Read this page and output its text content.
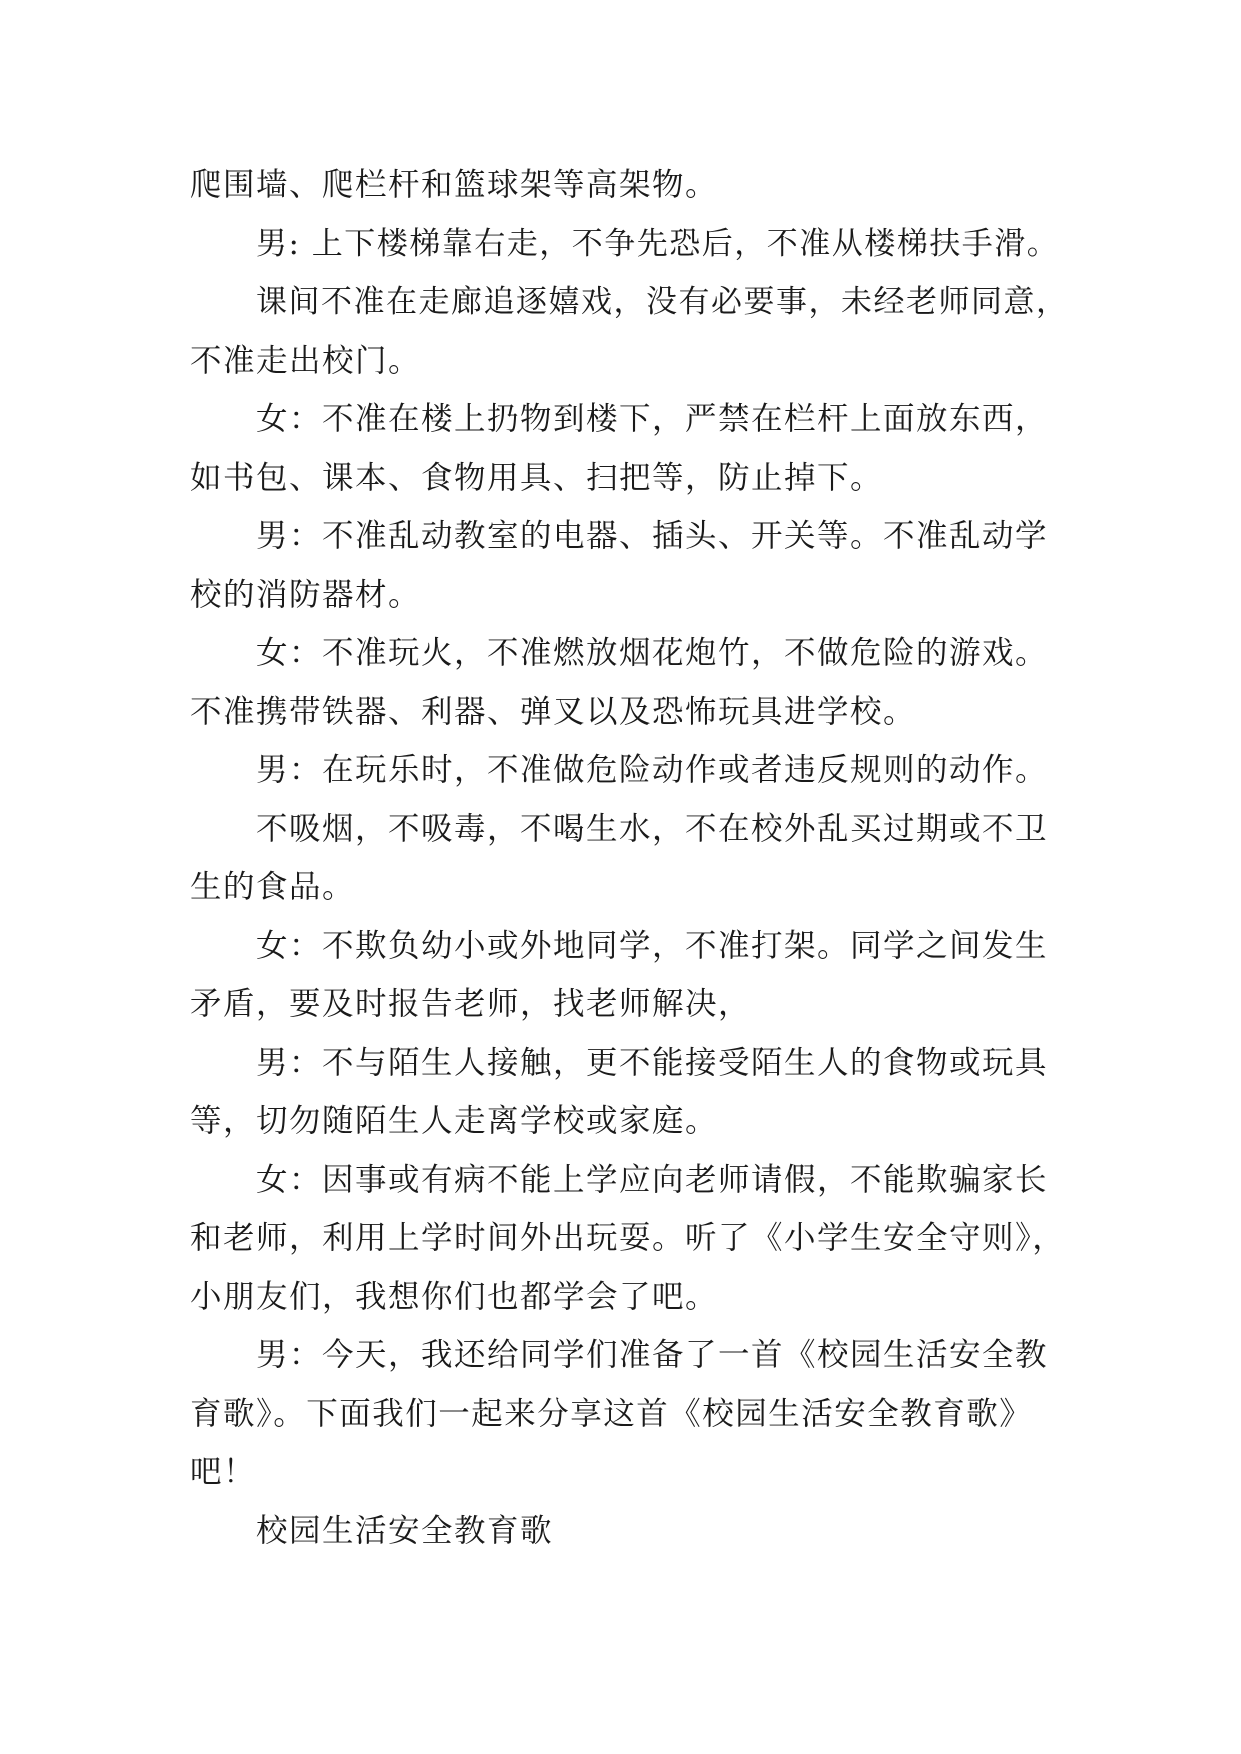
爬围墙、爬栏杆和篮球架等高架物。
男: 上下楼梯靠右走，不争先恐后，不准从楼梯扶手滑。
课间不准在走廊追逐嬉戏，没有必要事，未经老师同意，
不准走出校门。
女：不准在楼上扔物到楼下，严禁在栏杆上面放东西，
如书包、课本、食物用具、扫把等，防止掉下。
男：不准乱动教室的电器、插头、开关等。不准乱动学
校的消防器材。
女：不准玩火，不准燃放烟花炮竹，不做危险的游戏。
不准携带铁器、利器、弹叉以及恐怖玩具进学校。
男：在玩乐时，不准做危险动作或者违反规则的动作。
不吸烟，不吸毒，不喝生水，不在校外乱买过期或不卫
生的食品。
女：不欺负幼小或外地同学，不准打架。同学之间发生
矛盾，要及时报告老师，找老师解决，
男：不与陌生人接触，更不能接受陌生人的食物或玩具
等，切勿随陌生人走离学校或家庭。
女：因事或有病不能上学应向老师请假，不能欺骗家长
和老师，利用上学时间外出玩耍。听了《小学生安全守则》，
小朋友们，我想你们也都学会了吧。
男：今天，我还给同学们准备了一首《校园生活安全教
育歌》。下面我们一起来分享这首《校园生活安全教育歌》
吧！
校园生活安全教育歌
